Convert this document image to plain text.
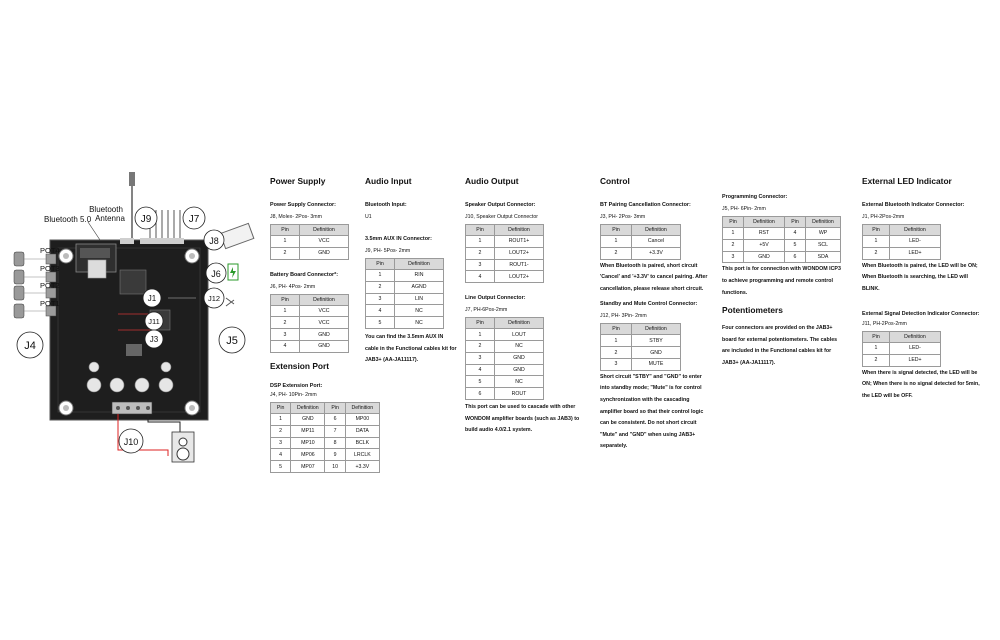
J9	J7
J8
J6
J12
J1
J11
J3
J4	J5
J10
Bluetooth
Antenna
Bluetooth 5.0
POT4
POT3
POT2
POT1
Power Supply

Power Supply Connector:

J8, Molex- 2Pos- 3mm

Pin	Definition
1	VCC
2	GND

Battery Board Connector*:

J6, PH- 4Pos- 2mm

Pin	Definition
1	VCC
2	VCC
3	GND
4	GND
Extension Port

DSP Extension Port:

J4, PH- 10Pin- 2mm

Pin	Definition	Pin	Definition
1	GND	6	MP00
2	MP11	7	DATA
3	MP10	8	BCLK
4	MP06	9	LRCLK
5	MP07	10	+3.3V
Audio Input

Bluetooth Input:

U1

3.5mm AUX IN Connector:

J9, PH- 5Pos- 2mm

Pin	Definition
1	RIN
2	AGND
3	LIN
4	NC
5	NC

You can find the 3.5mm AUX IN cable in the Functional cables kit for JAB3+ (AA-JA11117).

Audio Output

Speaker Output Connector:

J10, Speaker Output Connector

Pin	Definition
1	ROUT1+
2	LOUT2+
3	ROUT1-
4	LOUT2+

Line Output Connector:

J7, PH-6Pos-2mm

Pin	Definition
1	LOUT
2	NC
3	GND
4	GND
5	NC
6	ROUT

This port can be used to cascade with other WONDOM amplifier boards (such as JAB3) to build audio 4.0/2.1 system.

Control

BT Pairing Cancellation Connector:

J3, PH- 2Pos- 3mm

Pin	Definition
1	Cancel
2	+3.3V

When Bluetooth is paired, short circuit 'Cancel' and '+3.3V' to cancel pairing. After cancellation, please release short circuit.

Standby and Mute Control Connector:

J12, PH- 3Pin- 2mm

Pin	Definition
1	STBY
2	GND
3	MUTE

Short circuit "STBY" and "GND" to enter into standby mode; "Mute" is for control synchronization with the cascading amplifier board so that their control logic can be consistent. Do not short circuit "Mute" and "GND" when using JAB3+ separately.

Programming Connector:

J5, PH- 6Pin- 2mm

Pin	Definition	Pin	Definition
1	RST	4	WP
2	+5V	5	SCL
3	GND	6	SDA

This port is for connection with WONDOM ICP3 to achieve programming and remote control functions.

Potentiometers

Four connectors are provided on the JAB3+ board for external potentiometers. The cables are included in the Functional cables kit for JAB3+ (AA-JA11117).

External LED Indicator

External Bluetooth Indicator Connector:

J1, PH-2Pos-2mm

Pin	Definition
1	LED-
2	LED+

When Bluetooth is paired, the LED will be ON; When Bluetooth is searching, the LED will BLINK.

External Signal Detection Indicator Connector:

J11, PH-2Pos-2mm

Pin	Definition
1	LED-
2	LED+

When there is signal detected, the LED will be ON; When there is no signal detected for 5min, the LED will be OFF.
